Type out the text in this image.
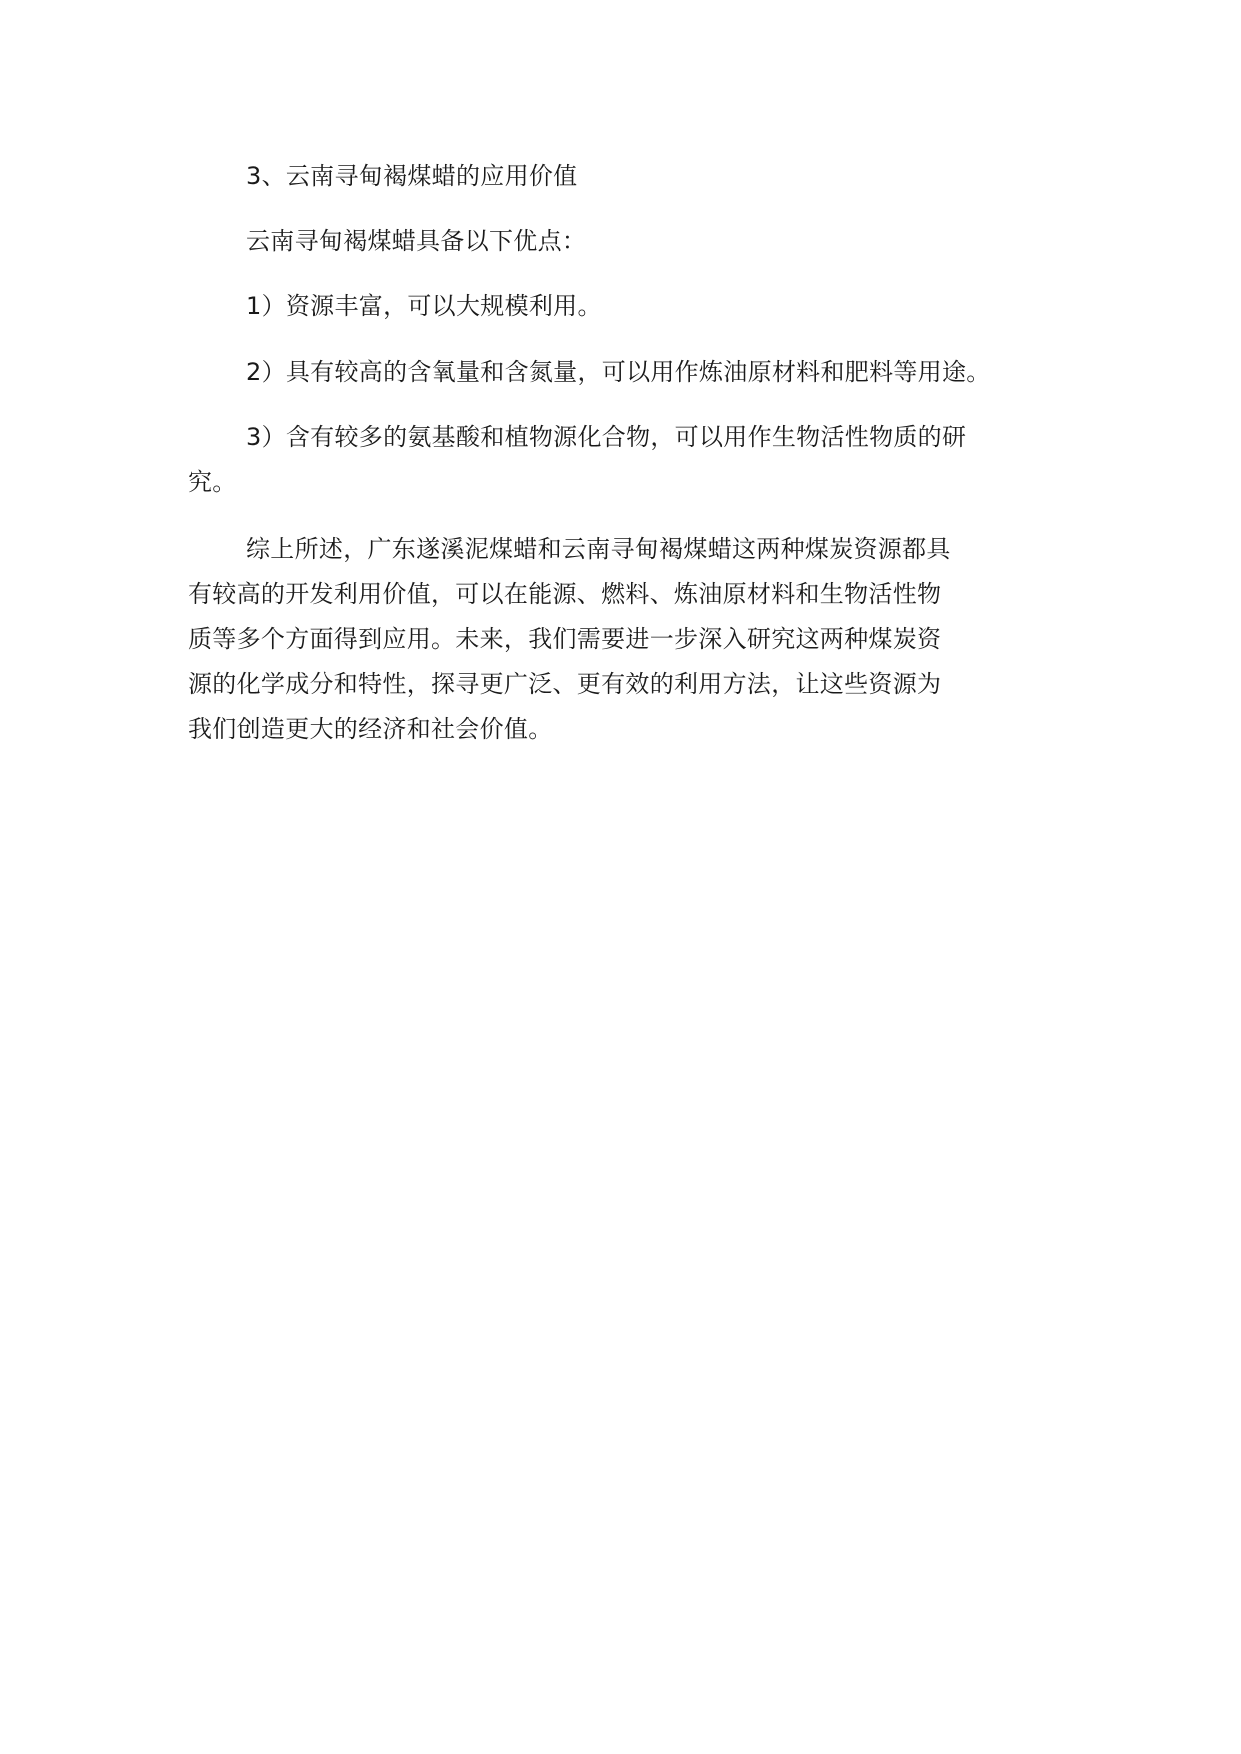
3、云南寻甸褐煤蜡的应用价值
云南寻甸褐煤蜡具备以下优点：
1）资源丰富，可以大规模利用。
2）具有较高的含氧量和含氮量，可以用作炼油原材料和肥料等用途。
3）含有较多的氨基酸和植物源化合物，可以用作生物活性物质的研
究。
综上所述，广东遂溪泥煤蜡和云南寻甸褐煤蜡这两种煤炭资源都具
有较高的开发利用价值，可以在能源、燃料、炼油原材料和生物活性物
质等多个方面得到应用。未来，我们需要进一步深入研究这两种煤炭资
源的化学成分和特性，探寻更广泛、更有效的利用方法，让这些资源为
我们创造更大的经济和社会价值。
